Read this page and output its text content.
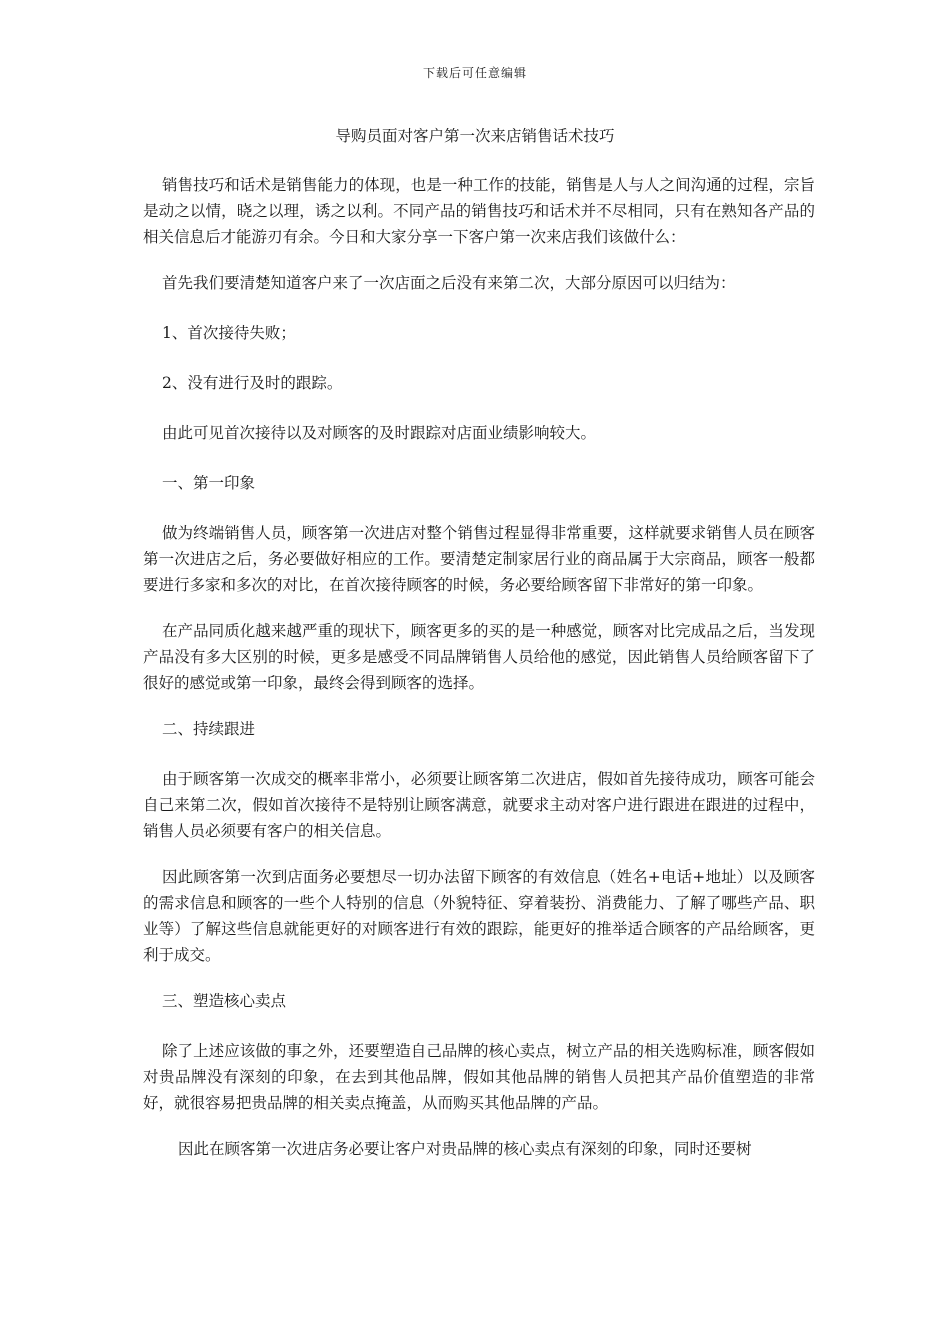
下载后可任意编辑
导购员面对客户第一次来店销售话术技巧

销售技巧和话术是销售能力的体现，也是一种工作的技能，销售是人与人之间沟通的过程，宗旨是动之以情，晓之以理，诱之以利。不同产品的销售技巧和话术并不尽相同，只有在熟知各产品的相关信息后才能游刃有余。今日和大家分享一下客户第一次来店我们该做什么：

首先我们要清楚知道客户来了一次店面之后没有来第二次，大部分原因可以归结为：

1、首次接待失败；

2、没有进行及时的跟踪。

由此可见首次接待以及对顾客的及时跟踪对店面业绩影响较大。

一、第一印象

做为终端销售人员，顾客第一次进店对整个销售过程显得非常重要，这样就要求销售人员在顾客第一次进店之后，务必要做好相应的工作。要清楚定制家居行业的商品属于大宗商品，顾客一般都要进行多家和多次的对比，在首次接待顾客的时候，务必要给顾客留下非常好的第一印象。

在产品同质化越来越严重的现状下，顾客更多的买的是一种感觉，顾客对比完成品之后，当发现产品没有多大区别的时候，更多是感受不同品牌销售人员给他的感觉，因此销售人员给顾客留下了很好的感觉或第一印象，最终会得到顾客的选择。

二、持续跟进

由于顾客第一次成交的概率非常小，必须要让顾客第二次进店，假如首先接待成功，顾客可能会自己来第二次，假如首次接待不是特别让顾客满意，就要求主动对客户进行跟进在跟进的过程中，销售人员必须要有客户的相关信息。

因此顾客第一次到店面务必要想尽一切办法留下顾客的有效信息（姓名+电话+地址）以及顾客的需求信息和顾客的一些个人特别的信息（外貌特征、穿着装扮、消费能力、了解了哪些产品、职业等）了解这些信息就能更好的对顾客进行有效的跟踪，能更好的推举适合顾客的产品给顾客，更利于成交。

三、塑造核心卖点

除了上述应该做的事之外，还要塑造自己品牌的核心卖点，树立产品的相关选购标准，顾客假如对贵品牌没有深刻的印象，在去到其他品牌，假如其他品牌的销售人员把其产品价值塑造的非常好，就很容易把贵品牌的相关卖点掩盖，从而购买其他品牌的产品。

因此在顾客第一次进店务必要让客户对贵品牌的核心卖点有深刻的印象，同时还要树
